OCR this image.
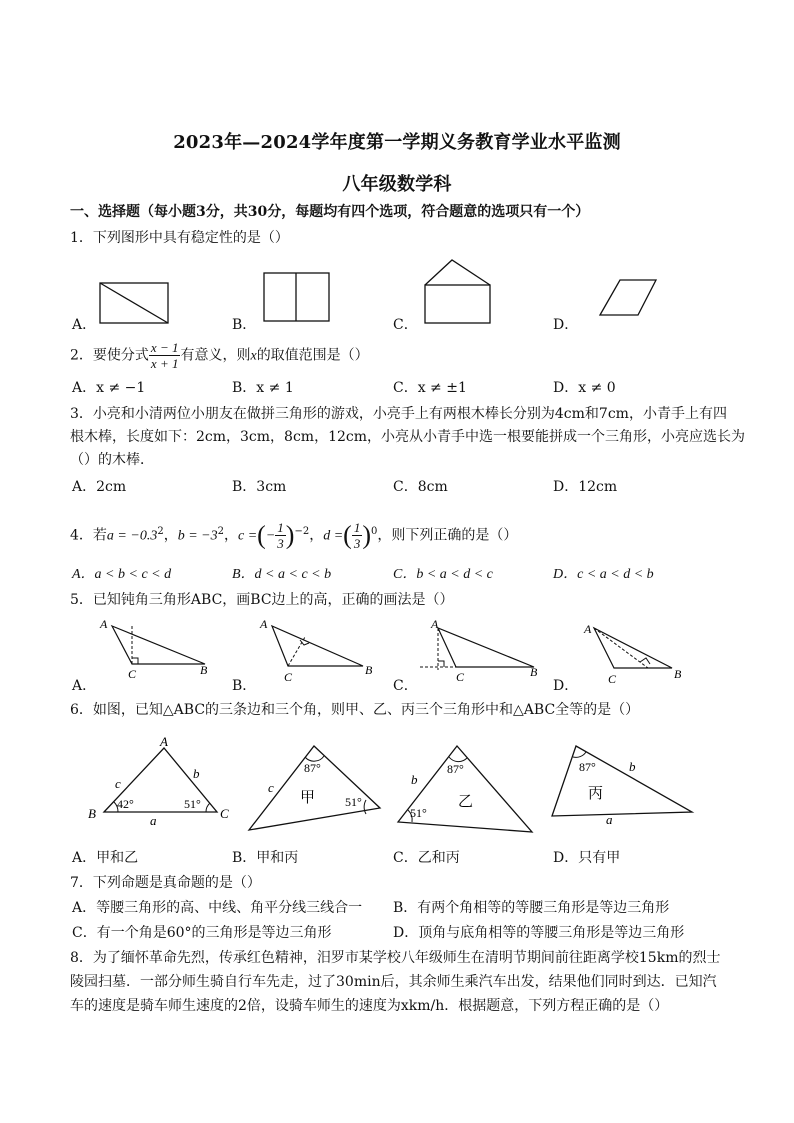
2023年—2024学年度第一学期义务教育学业水平监测
八年级数学科
一、选择题（每小题3分，共30分，每题均有四个选项，符合题意的选项只有一个）
1．下列图形中具有稳定性的是（）
A．	B．	C．	D．
2．要使分式 $\frac{x - 1}{x + 1}$ 有意义，则x的取值范围是（）
A．x ≠ −1	B．x ≠ 1	C．x ≠ ±1	D．x ≠ 0
3．小亮和小清两位小朋友在做拼三角形的游戏，小亮手上有两根木棒长分别为4cm和7cm，小青手上有四
根木棒，长度如下：2cm，3cm，8cm，12cm，小亮从小青手中选一根要能拼成一个三角形，小亮应选长为
（）的木棒．
A．2cm	B．3cm	C．8cm	D．12cm
4．若$a = -0.3^2$，$b = -3^2$，c =(− $\frac{1}{3} )^{-2}$，d =( $\frac{1}{3} )^0$，则下列正确的是（）
A．a < b < c < d	B．d < a < c < b	C．b < a < d < c	D．c < a < d < b
5．已知钝角三角形ABC，画BC边上的高，正确的画法是（）
A
C	B
A
C	B
A
C	B
A
C	B
A．	B．	C．	D．
6．如图，已知△ABC的三条边和三个角，则甲、乙、丙三个三角形中和△ABC全等的是（）
A
B	C
a
b
c
42°	51°
87°
51°
c
甲
87°
51°
b
乙
87°	b
a
丙
A．甲和乙	B．甲和丙	C．乙和丙	D．只有甲
7．下列命题是真命题的是（）
A．等腰三角形的高、中线、角平分线三线合一 B．有两个角相等的等腰三角形是等边三角形
C．有一个角是60°的三角形是等边三角形	D．顶角与底角相等的等腰三角形是等边三角形
8．为了缅怀革命先烈，传承红色精神，汨罗市某学校八年级师生在清明节期间前往距离学校15km的烈士
陵园扫墓．一部分师生骑自行车先走，过了30min后，其余师生乘汽车出发，结果他们同时到达．已知汽
车的速度是骑车师生速度的2倍，设骑车师生的速度为xkm/h．根据题意，下列方程正确的是（）
